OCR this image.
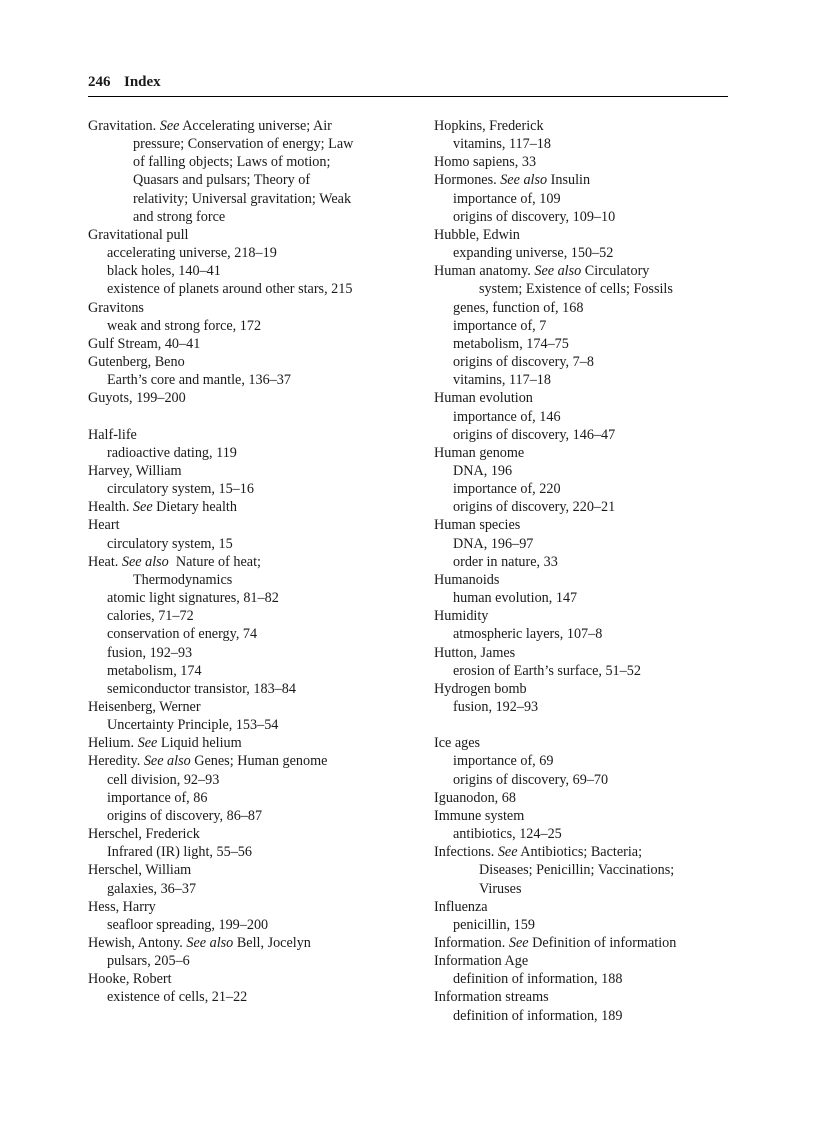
246 Index
Gravitation. See Accelerating universe; Air
pressure; Conservation of energy; Law
of falling objects; Laws of motion;
Quasars and pulsars; Theory of
relativity; Universal gravitation; Weak
and strong force
Gravitational pull
accelerating universe, 218–19
black holes, 140–41
existence of planets around other stars, 215
Gravitons
weak and strong force, 172
Gulf Stream, 40–41
Gutenberg, Beno
Earth’s core and mantle, 136–37
Guyots, 199–200
Half-life
radioactive dating, 119
Harvey, William
circulatory system, 15–16
Health. See Dietary health
Heart
circulatory system, 15
Heat. See also Nature of heat;
Thermodynamics
atomic light signatures, 81–82
calories, 71–72
conservation of energy, 74
fusion, 192–93
metabolism, 174
semiconductor transistor, 183–84
Heisenberg, Werner
Uncertainty Principle, 153–54
Helium. See Liquid helium
Heredity. See also Genes; Human genome
cell division, 92–93
importance of, 86
origins of discovery, 86–87
Herschel, Frederick
Infrared (IR) light, 55–56
Herschel, William
galaxies, 36–37
Hess, Harry
seafloor spreading, 199–200
Hewish, Antony. See also Bell, Jocelyn
pulsars, 205–6
Hooke, Robert
existence of cells, 21–22
Hopkins, Frederick
vitamins, 117–18
Homo sapiens, 33
Hormones. See also Insulin
importance of, 109
origins of discovery, 109–10
Hubble, Edwin
expanding universe, 150–52
Human anatomy. See also Circulatory
system; Existence of cells; Fossils
genes, function of, 168
importance of, 7
metabolism, 174–75
origins of discovery, 7–8
vitamins, 117–18
Human evolution
importance of, 146
origins of discovery, 146–47
Human genome
DNA, 196
importance of, 220
origins of discovery, 220–21
Human species
DNA, 196–97
order in nature, 33
Humanoids
human evolution, 147
Humidity
atmospheric layers, 107–8
Hutton, James
erosion of Earth’s surface, 51–52
Hydrogen bomb
fusion, 192–93
Ice ages
importance of, 69
origins of discovery, 69–70
Iguanodon, 68
Immune system
antibiotics, 124–25
Infections. See Antibiotics; Bacteria;
Diseases; Penicillin; Vaccinations;
Viruses
Influenza
penicillin, 159
Information. See Definition of information
Information Age
definition of information, 188
Information streams
definition of information, 189
